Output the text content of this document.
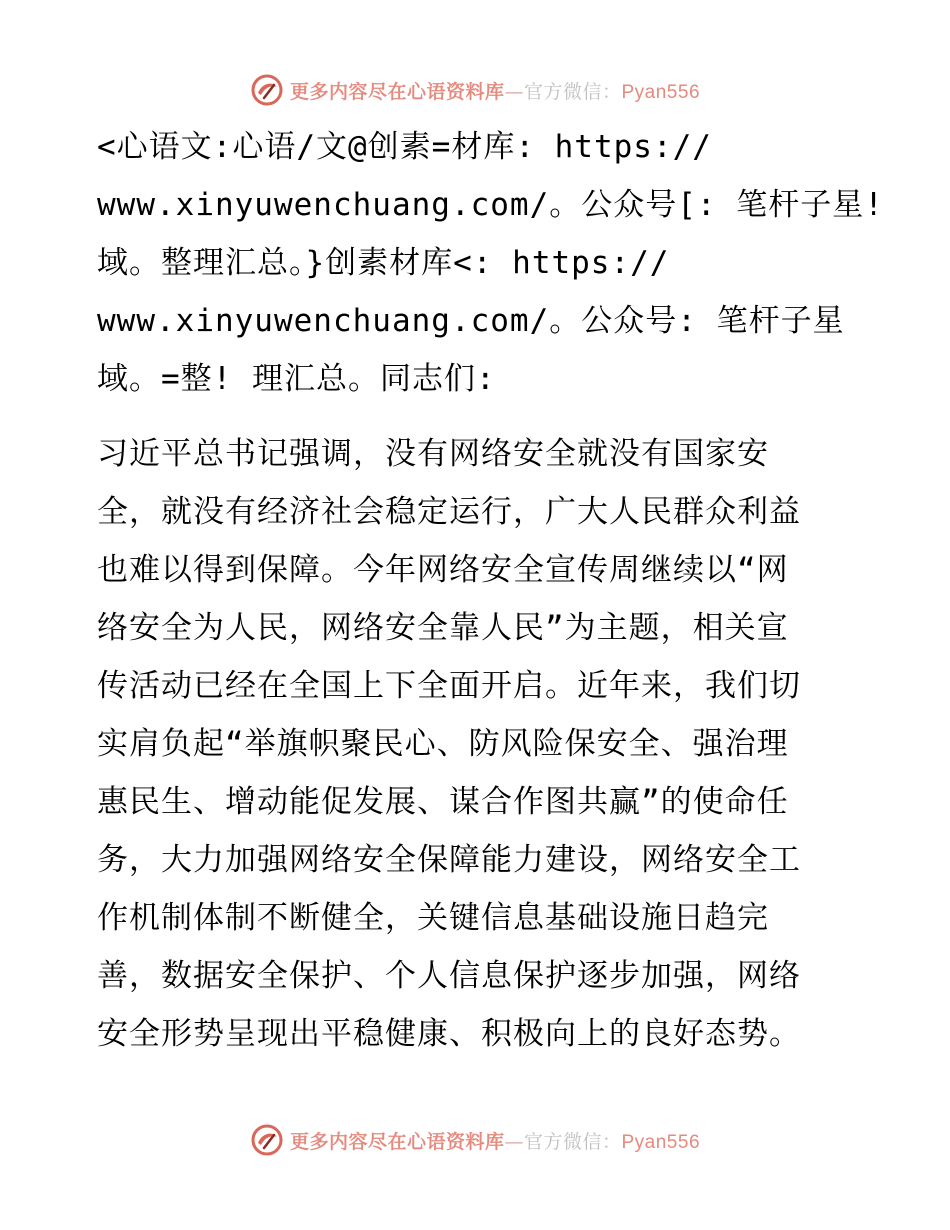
更多内容尽在心语资料库—官方微信：Pyan556
<心语文:心语/文@创素=材库: https://
www.xinyuwenchuang.com/。公众号[: 笔杆子星!
域。整理汇总。}创素材库<: https://
www.xinyuwenchuang.com/。公众号: 笔杆子星
域。=整! 理汇总。同志们:
习近平总书记强调，没有网络安全就没有国家安
全，就没有经济社会稳定运行，广大人民群众利益
也难以得到保障。今年网络安全宣传周继续以“网
络安全为人民，网络安全靠人民”为主题，相关宣
传活动已经在全国上下全面开启。近年来，我们切
实肩负起“举旗帜聚民心、防风险保安全、强治理
惠民生、增动能促发展、谋合作图共赢”的使命任
务，大力加强网络安全保障能力建设，网络安全工
作机制体制不断健全，关键信息基础设施日趋完
善，数据安全保护、个人信息保护逐步加强，网络
安全形势呈现出平稳健康、积极向上的良好态势。
更多内容尽在心语资料库—官方微信：Pyan556
